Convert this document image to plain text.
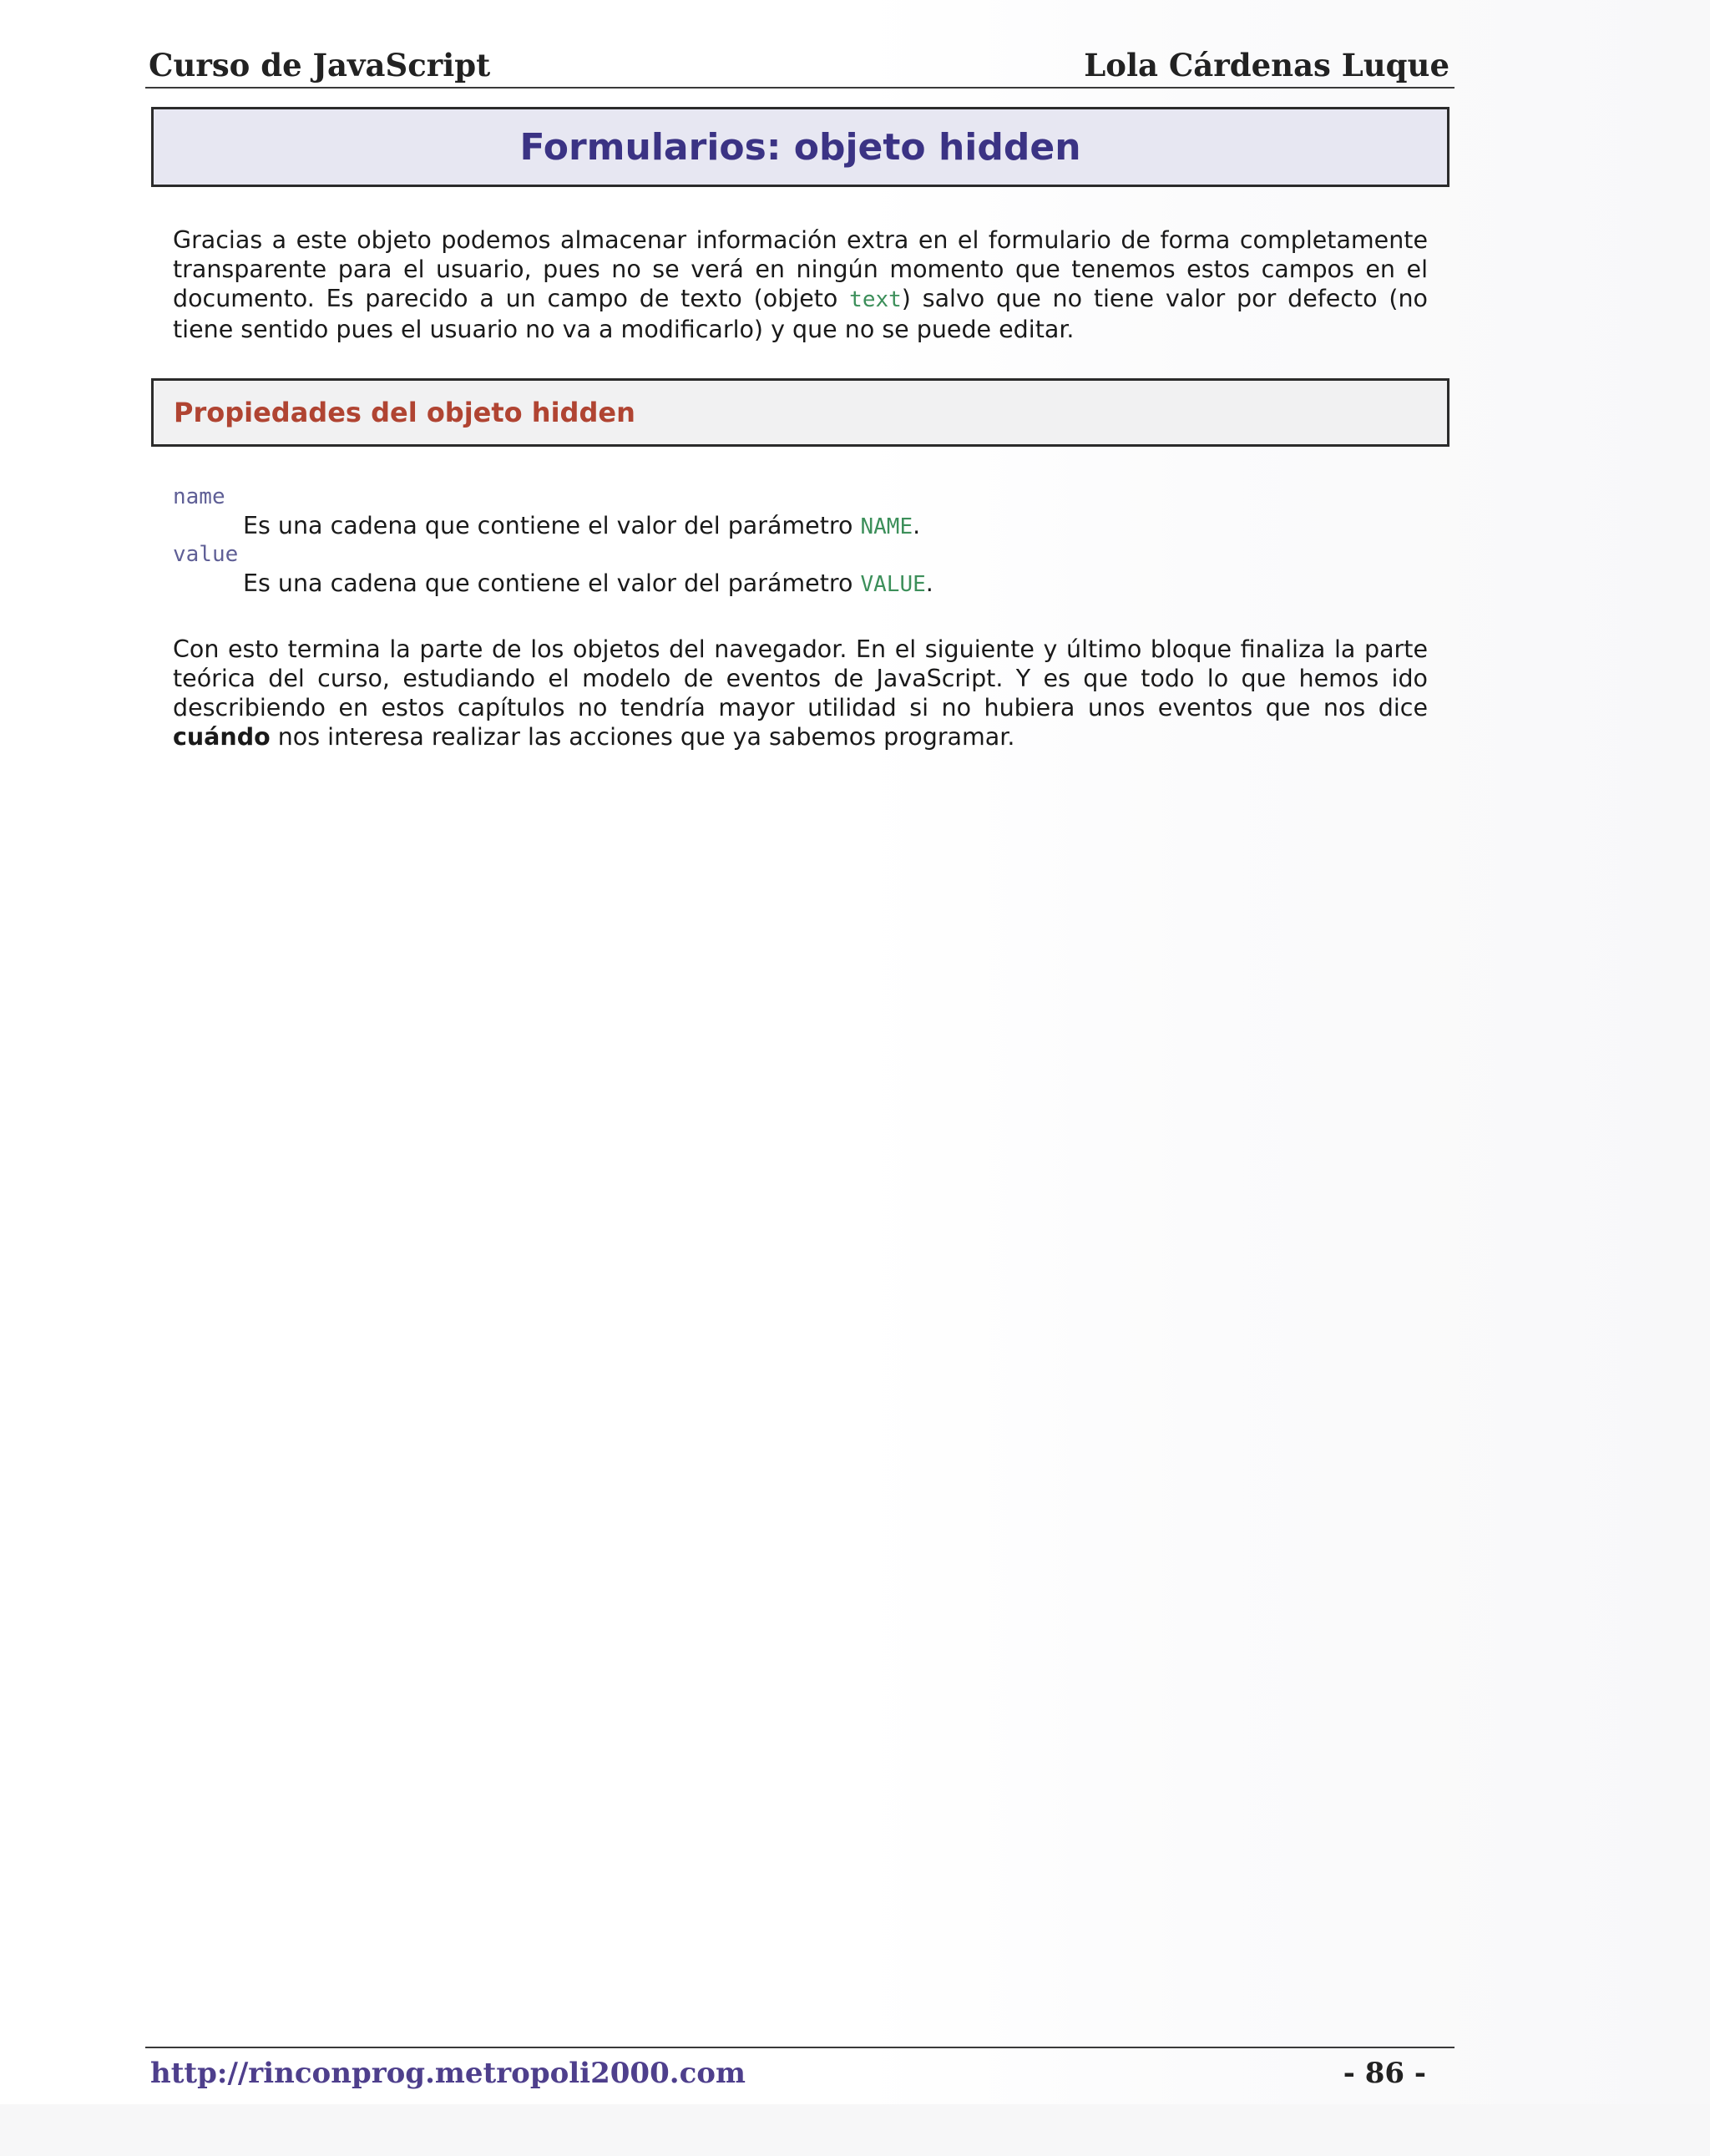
Curso de JavaScript	Lola Cárdenas Luque
Formularios: objeto hidden

Gracias a este objeto podemos almacenar información extra en el formulario de forma completamente transparente para el usuario, pues no se verá en ningún momento que tenemos estos campos en el documento. Es parecido a un campo de texto (objeto text) salvo que no tiene valor por defecto (no tiene sentido pues el usuario no va a modificarlo) y que no se puede editar.

Propiedades del objeto hidden
name
Es una cadena que contiene el valor del parámetro NAME.
value
Es una cadena que contiene el valor del parámetro VALUE.

Con esto termina la parte de los objetos del navegador. En el siguiente y último bloque finaliza la parte teórica del curso, estudiando el modelo de eventos de JavaScript. Y es que todo lo que hemos ido describiendo en estos capítulos no tendría mayor utilidad si no hubiera unos eventos que nos dice cuándo nos interesa realizar las acciones que ya sabemos programar.

http://rinconprog.metropoli2000.com	- 86 -
